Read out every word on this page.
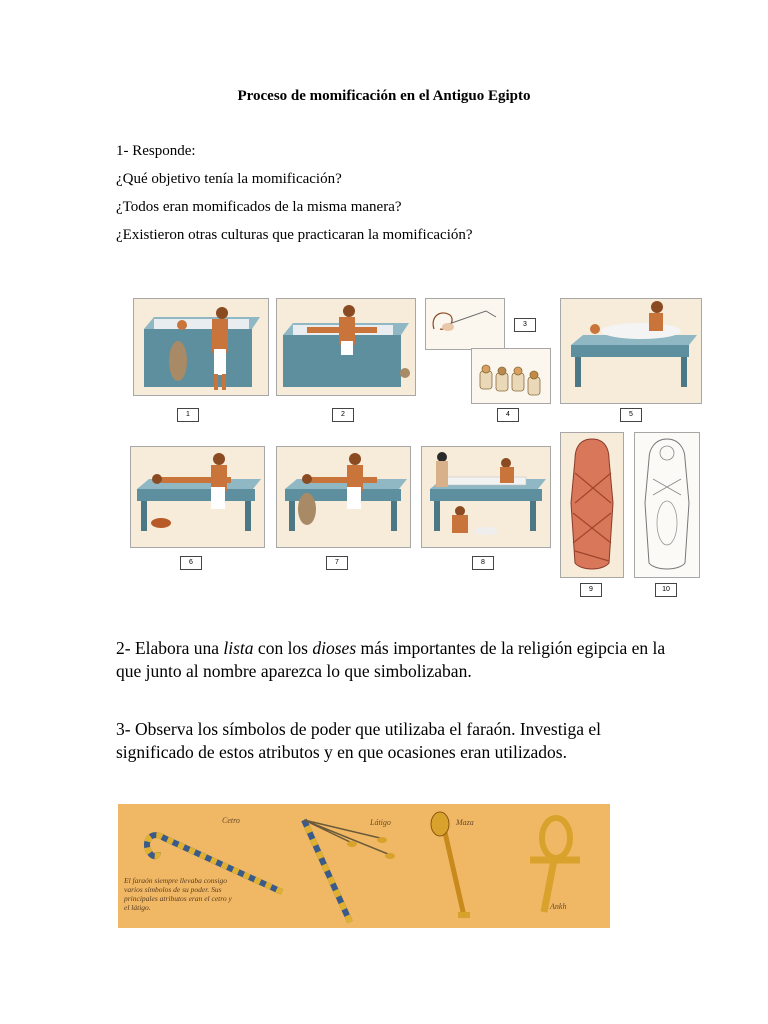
Proceso de momificación en el Antiguo Egipto
1- Responde:
¿Qué objetivo tenía la momificación?
¿Todos eran momificados de la misma manera?
¿Existieron otras culturas que practicaran la momificación?
1	2
3
4	5
6	7	8
9	10
2- Elabora una lista con los dioses más importantes de la religión egipcia en la que junto al nombre aparezca lo que simbolizaban.
3- Observa los símbolos de poder que utilizaba el faraón. Investiga el significado de estos atributos y en que ocasiones eran utilizados.
Cetro	Látigo	Maza
Ankh
El faraón siempre llevaba consigo varios símbolos de su poder. Sus principales atributos eran el cetro y el látigo.
